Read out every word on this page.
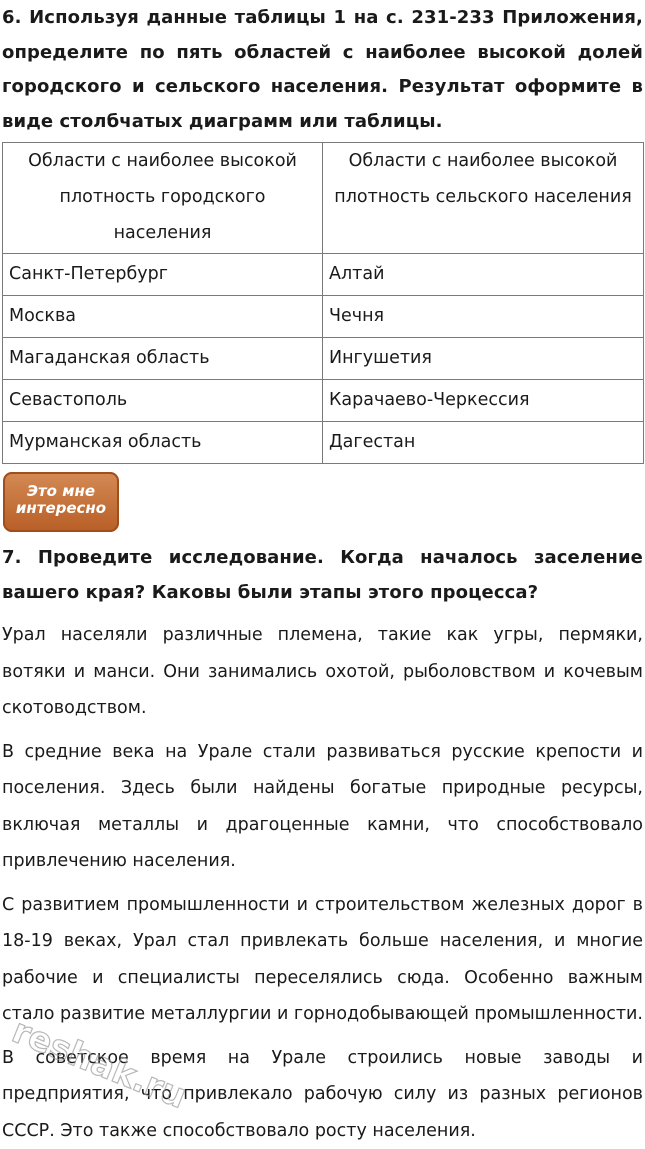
6. Используя данные таблицы 1 на с. 231-233 Приложения, определите по пять областей с наиболее высокой долей городского и сельского населения. Результат оформите в виде столбчатых диаграмм или таблицы.

Области с наиболее высокой плотность городского населения	Области с наиболее высокой плотность сельского населения
Санкт-Петербург	Алтай
Москва	Чечня
Магаданская область	Ингушетия
Севастополь	Карачаево-Черкессия
Мурманская область	Дагестан
Это мне
интересно

7. Проведите исследование. Когда началось заселение вашего края? Каковы были этапы этого процесса?

Урал населяли различные племена, такие как угры, пермяки, вотяки и манси. Они занимались охотой, рыболовством и кочевым скотоводством.

В средние века на Урале стали развиваться русские крепости и поселения. Здесь были найдены богатые природные ресурсы, включая металлы и драгоценные камни, что способствовало привлечению населения.

С развитием промышленности и строительством железных дорог в 18-19 веках, Урал стал привлекать больше населения, и многие рабочие и специалисты переселялись сюда. Особенно важным стало развитие металлургии и горнодобывающей промышленности.

В советское время на Урале строились новые заводы и предприятия, что привлекало рабочую силу из разных регионов СССР. Это также способствовало росту населения.

reshak.ru
